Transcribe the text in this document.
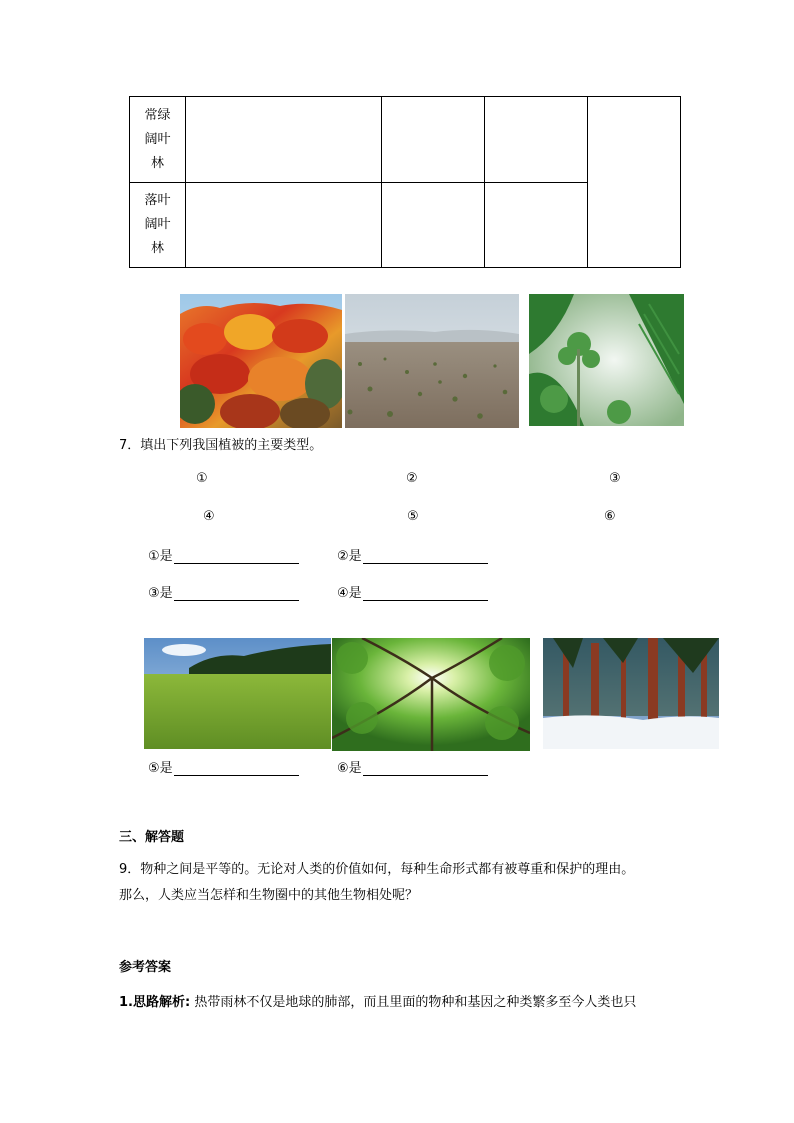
常绿
阔叶
林				

落叶
阔叶
林				

7．填出下列我国植被的主要类型。
①	②	③
④	⑤	⑥
①是	②是
③是	④是
⑤是	⑥是
三、解答题
9．物种之间是平等的。无论对人类的价值如何，每种生命形式都有被尊重和保护的理由。
那么，人类应当怎样和生物圈中的其他生物相处呢？
参考答案
1.思路解析: 热带雨林不仅是地球的肺部，而且里面的物种和基因之种类繁多至今人类也只
